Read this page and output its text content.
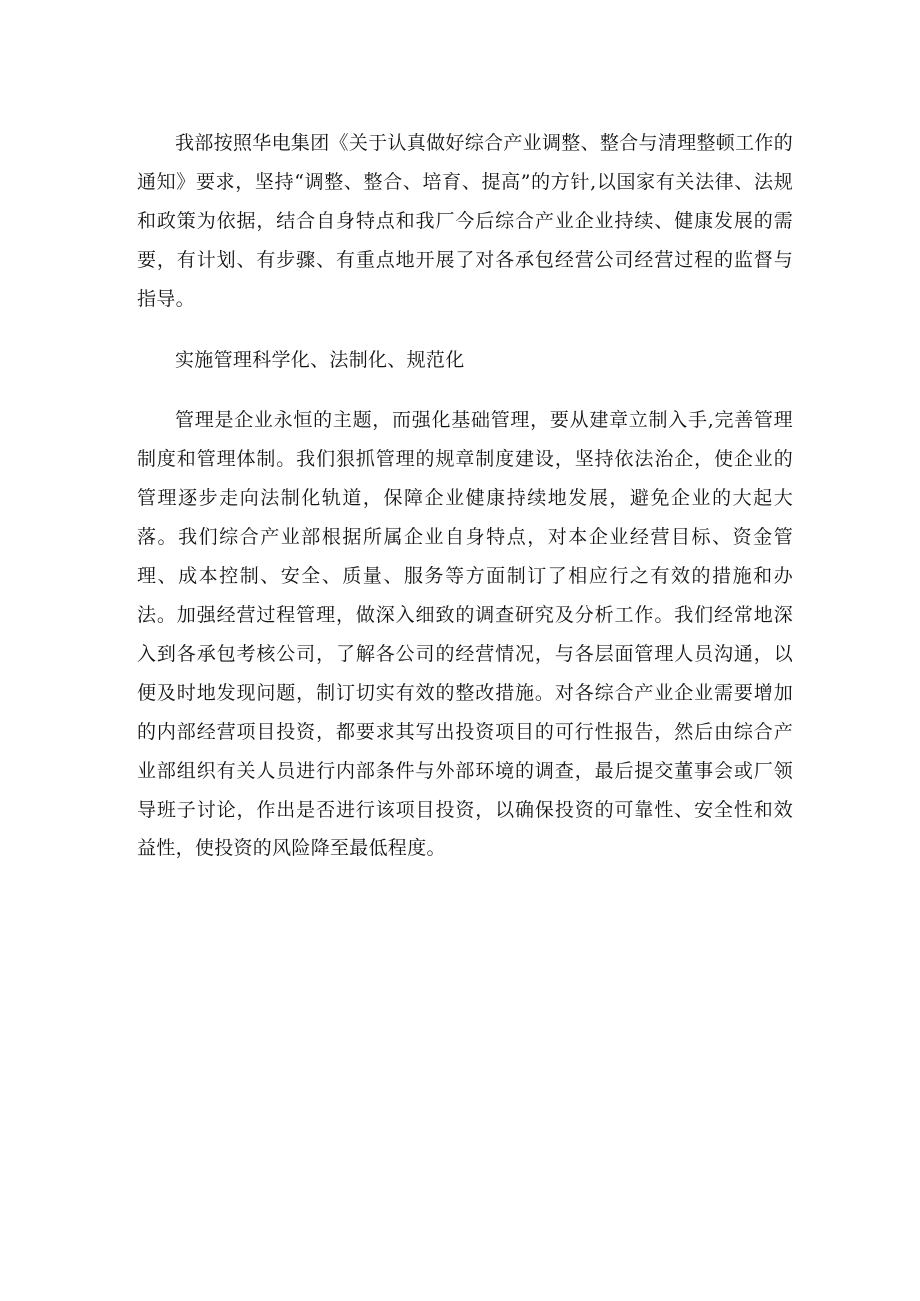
我部按照华电集团《关于认真做好综合产业调整、整合与清理整顿工作的通知》要求，坚持“调整、整合、培育、提高”的方针,以国家有关法律、法规和政策为依据，结合自身特点和我厂今后综合产业企业持续、健康发展的需要，有计划、有步骤、有重点地开展了对各承包经营公司经营过程的监督与指导。

实施管理科学化、法制化、规范化

管理是企业永恒的主题，而强化基础管理，要从建章立制入手,完善管理制度和管理体制。我们狠抓管理的规章制度建设，坚持依法治企，使企业的管理逐步走向法制化轨道，保障企业健康持续地发展，避免企业的大起大落。我们综合产业部根据所属企业自身特点，对本企业经营目标、资金管理、成本控制、安全、质量、服务等方面制订了相应行之有效的措施和办法。加强经营过程管理，做深入细致的调查研究及分析工作。我们经常地深入到各承包考核公司，了解各公司的经营情况，与各层面管理人员沟通，以便及时地发现问题，制订切实有效的整改措施。对各综合产业企业需要增加的内部经营项目投资，都要求其写出投资项目的可行性报告，然后由综合产业部组织有关人员进行内部条件与外部环境的调查，最后提交董事会或厂领导班子讨论，作出是否进行该项目投资，以确保投资的可靠性、安全性和效益性，使投资的风险降至最低程度。
